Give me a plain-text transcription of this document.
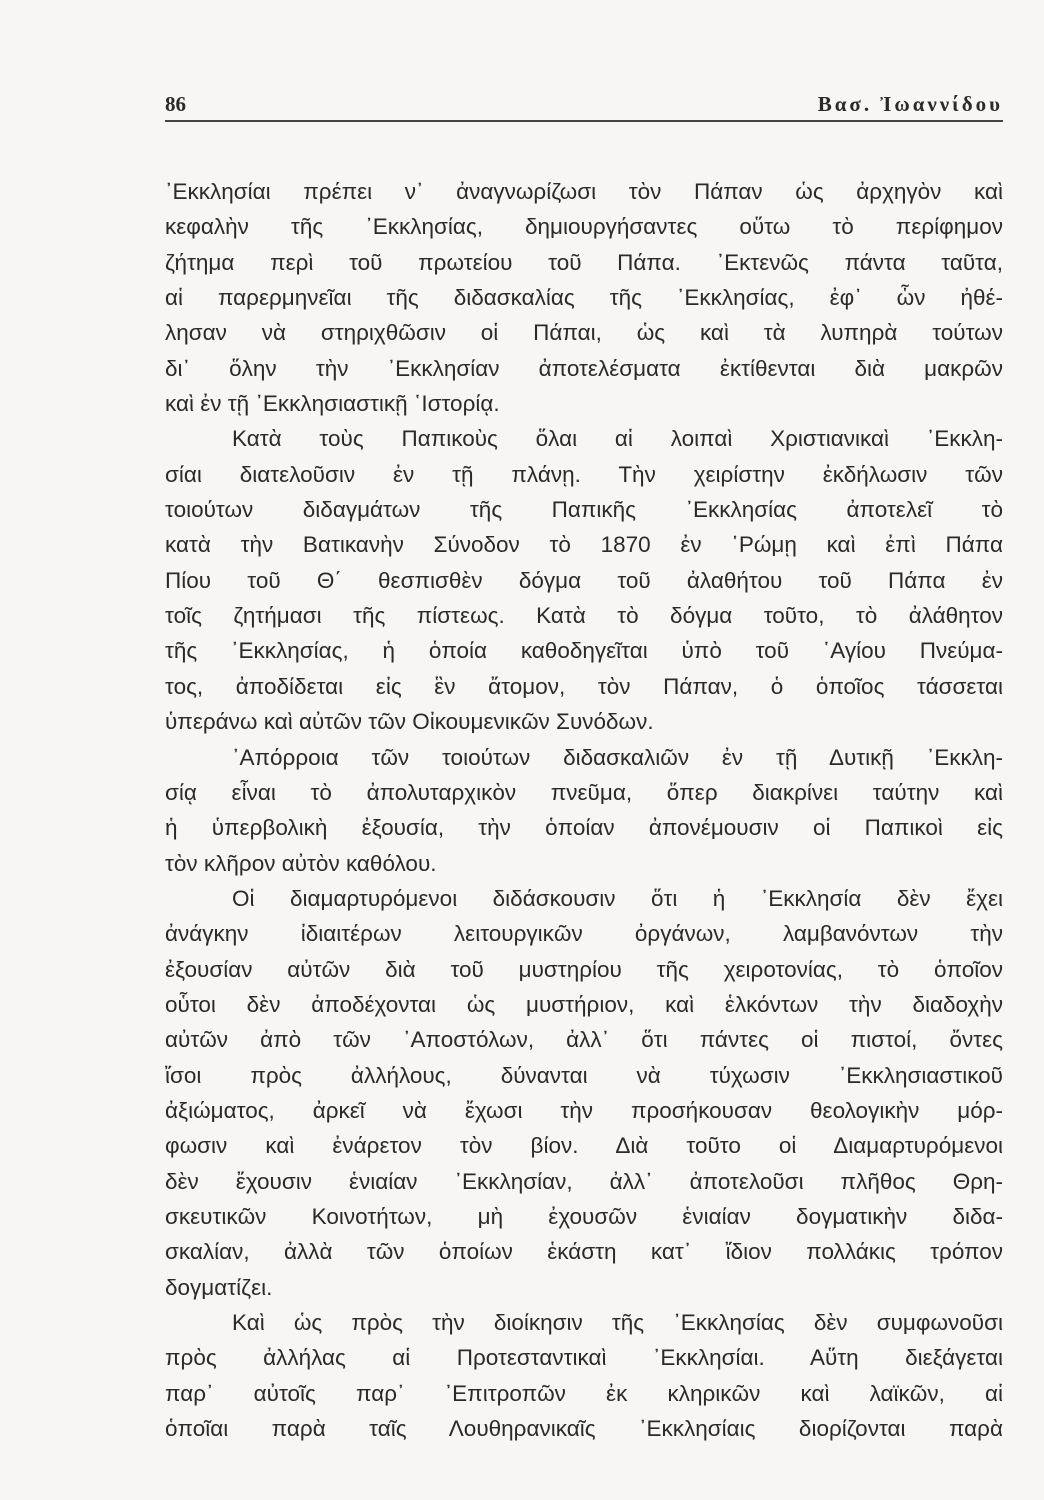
86	Βασ. Ἰωαννίδου
᾿Εκκλησίαι πρέπει ν᾿ ἀναγνωρίζωσι τὸν Πάπαν ὡς ἀρχηγὸν καὶ
κεφαλὴν τῆς ᾿Εκκλησίας, δημιουργήσαντες οὕτω τὸ περίφημον
ζήτημα περὶ τοῦ πρωτείου τοῦ Πάπα. ᾿Εκτενῶς πάντα ταῦτα,
αἱ παρερμηνεῖαι τῆς διδασκαλίας τῆς ᾿Εκκλησίας, ἐφ᾿ ὧν ἠθέ-
λησαν νὰ στηριχθῶσιν οἱ Πάπαι, ὡς καὶ τὰ λυπηρὰ τούτων
δι᾿ ὅλην τὴν ᾿Εκκλησίαν ἀποτελέσματα ἐκτίθενται διὰ μακρῶν
καὶ ἐν τῇ ᾿Εκκλησιαστικῇ ῾Ιστορίᾳ.
Κατὰ τοὺς Παπικοὺς ὅλαι αἱ λοιπαὶ Χριστιανικαὶ ᾿Εκκλη-
σίαι διατελοῦσιν ἐν τῇ πλάνῃ. Τὴν χειρίστην ἐκδήλωσιν τῶν
τοιούτων διδαγμάτων τῆς Παπικῆς ᾿Εκκλησίας ἀποτελεῖ τὸ
κατὰ τὴν Βατικανὴν Σύνοδον τὸ 1870 ἐν ῾Ρώμῃ καὶ ἐπὶ Πάπα
Πίου τοῦ Θ΄ θεσπισθὲν δόγμα τοῦ ἀλαθήτου τοῦ Πάπα ἐν
τοῖς ζητήμασι τῆς πίστεως. Κατὰ τὸ δόγμα τοῦτο, τὸ ἀλάθητον
τῆς ᾿Εκκλησίας, ἡ ὁποία καθοδηγεῖται ὑπὸ τοῦ ῾Αγίου Πνεύμα-
τος, ἀποδίδεται εἰς ἓν ἄτομον, τὸν Πάπαν, ὁ ὁποῖος τάσσεται
ὑπεράνω καὶ αὐτῶν τῶν Οἰκουμενικῶν Συνόδων.
᾿Απόρροια τῶν τοιούτων διδασκαλιῶν ἐν τῇ Δυτικῇ ᾿Εκκλη-
σίᾳ εἶναι τὸ ἀπολυταρχικὸν πνεῦμα, ὅπερ διακρίνει ταύτην καὶ
ἡ ὑπερβολικὴ ἐξουσία, τὴν ὁποίαν ἀπονέμουσιν οἱ Παπικοὶ εἰς
τὸν κλῆρον αὐτὸν καθόλου.
Οἱ διαμαρτυρόμενοι διδάσκουσιν ὅτι ἡ ᾿Εκκλησία δὲν ἔχει
ἀνάγκην ἰδιαιτέρων λειτουργικῶν ὀργάνων, λαμβανόντων τὴν
ἐξουσίαν αὐτῶν διὰ τοῦ μυστηρίου τῆς χειροτονίας, τὸ ὁποῖον
οὗτοι δὲν ἀποδέχονται ὡς μυστήριον, καὶ ἑλκόντων τὴν διαδοχὴν
αὐτῶν ἀπὸ τῶν ᾿Αποστόλων, ἀλλ᾿ ὅτι πάντες οἱ πιστοί, ὄντες
ἴσοι πρὸς ἀλλήλους, δύνανται νὰ τύχωσιν ᾿Εκκλησιαστικοῦ
ἀξιώματος, ἀρκεῖ νὰ ἔχωσι τὴν προσήκουσαν θεολογικὴν μόρ-
φωσιν καὶ ἐνάρετον τὸν βίον. Διὰ τοῦτο οἱ Διαμαρτυρόμενοι
δὲν ἔχουσιν ἑνιαίαν ᾿Εκκλησίαν, ἀλλ᾿ ἀποτελοῦσι πλῆθος Θρη-
σκευτικῶν Κοινοτήτων, μὴ ἐχουσῶν ἑνιαίαν δογματικὴν διδα-
σκαλίαν, ἀλλὰ τῶν ὁποίων ἑκάστη κατ᾿ ἴδιον πολλάκις τρόπον
δογματίζει.
Καὶ ὡς πρὸς τὴν διοίκησιν τῆς ᾿Εκκλησίας δὲν συμφωνοῦσι
πρὸς ἀλλήλας αἱ Προτεσταντικαὶ ᾿Εκκλησίαι. Αὕτη διεξάγεται
παρ᾿ αὐτοῖς παρ᾿ ᾿Επιτροπῶν ἐκ κληρικῶν καὶ λαϊκῶν, αἱ
ὁποῖαι παρὰ ταῖς Λουθηρανικαῖς ᾿Εκκλησίαις διορίζονται παρὰ
